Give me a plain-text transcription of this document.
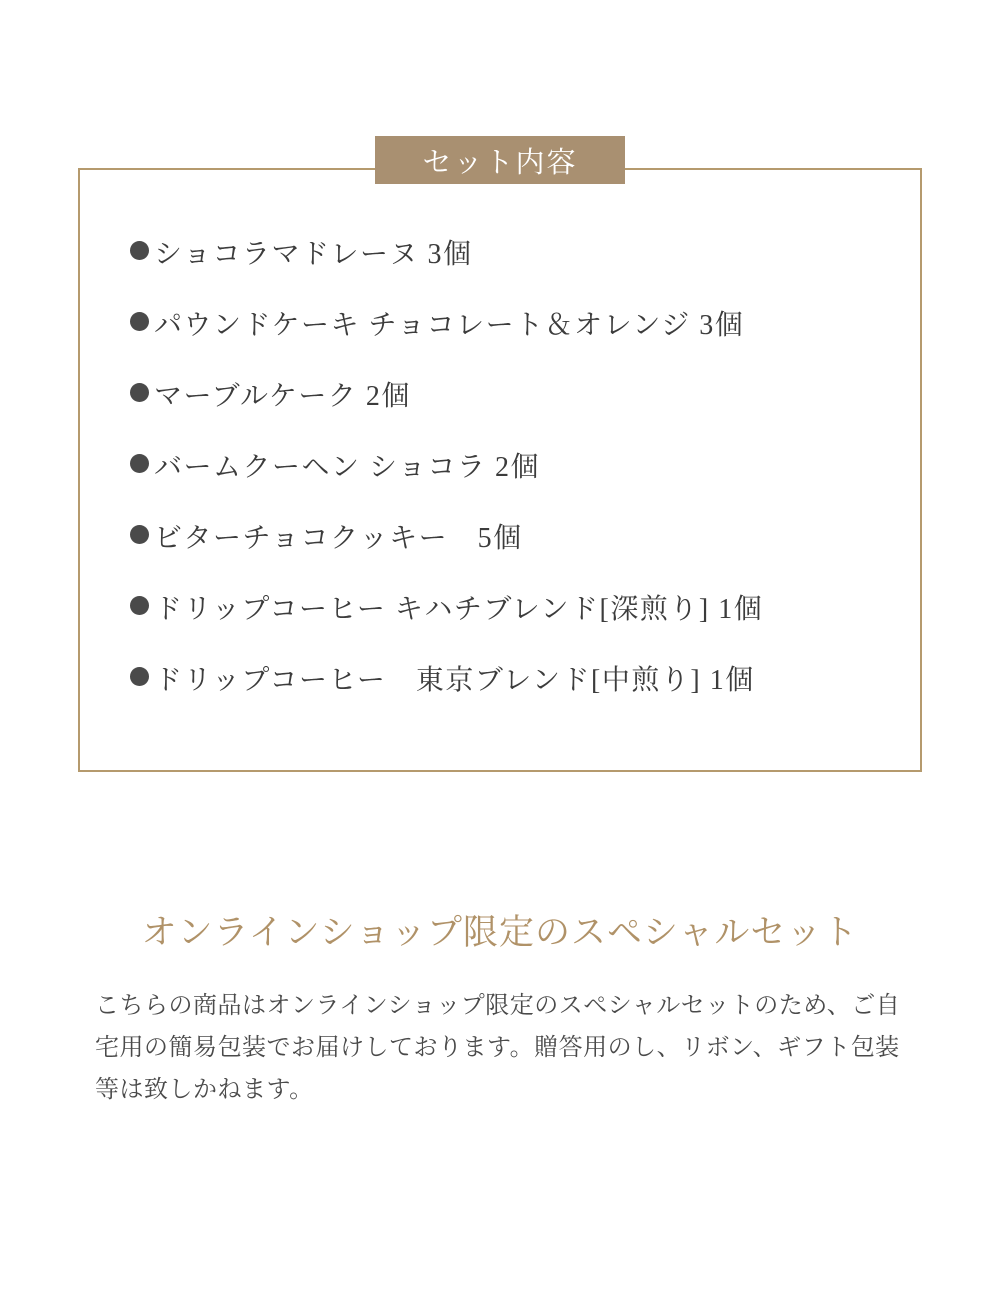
ショコラマドレーヌ 3個
パウンドケーキ チョコレート＆オレンジ 3個
マーブルケーク 2個
バームクーヘン ショコラ 2個
ビターチョコクッキー　5個
ドリップコーヒー キハチブレンド[深煎り] 1個
ドリップコーヒー　東京ブレンド[中煎り] 1個
セット内容
オンラインショップ限定のスペシャルセット

こちらの商品はオンラインショップ限定のスペシャルセットのため、ご自宅用の簡易包装でお届けしております。贈答用のし、リボン、ギフト包装等は致しかねます。
